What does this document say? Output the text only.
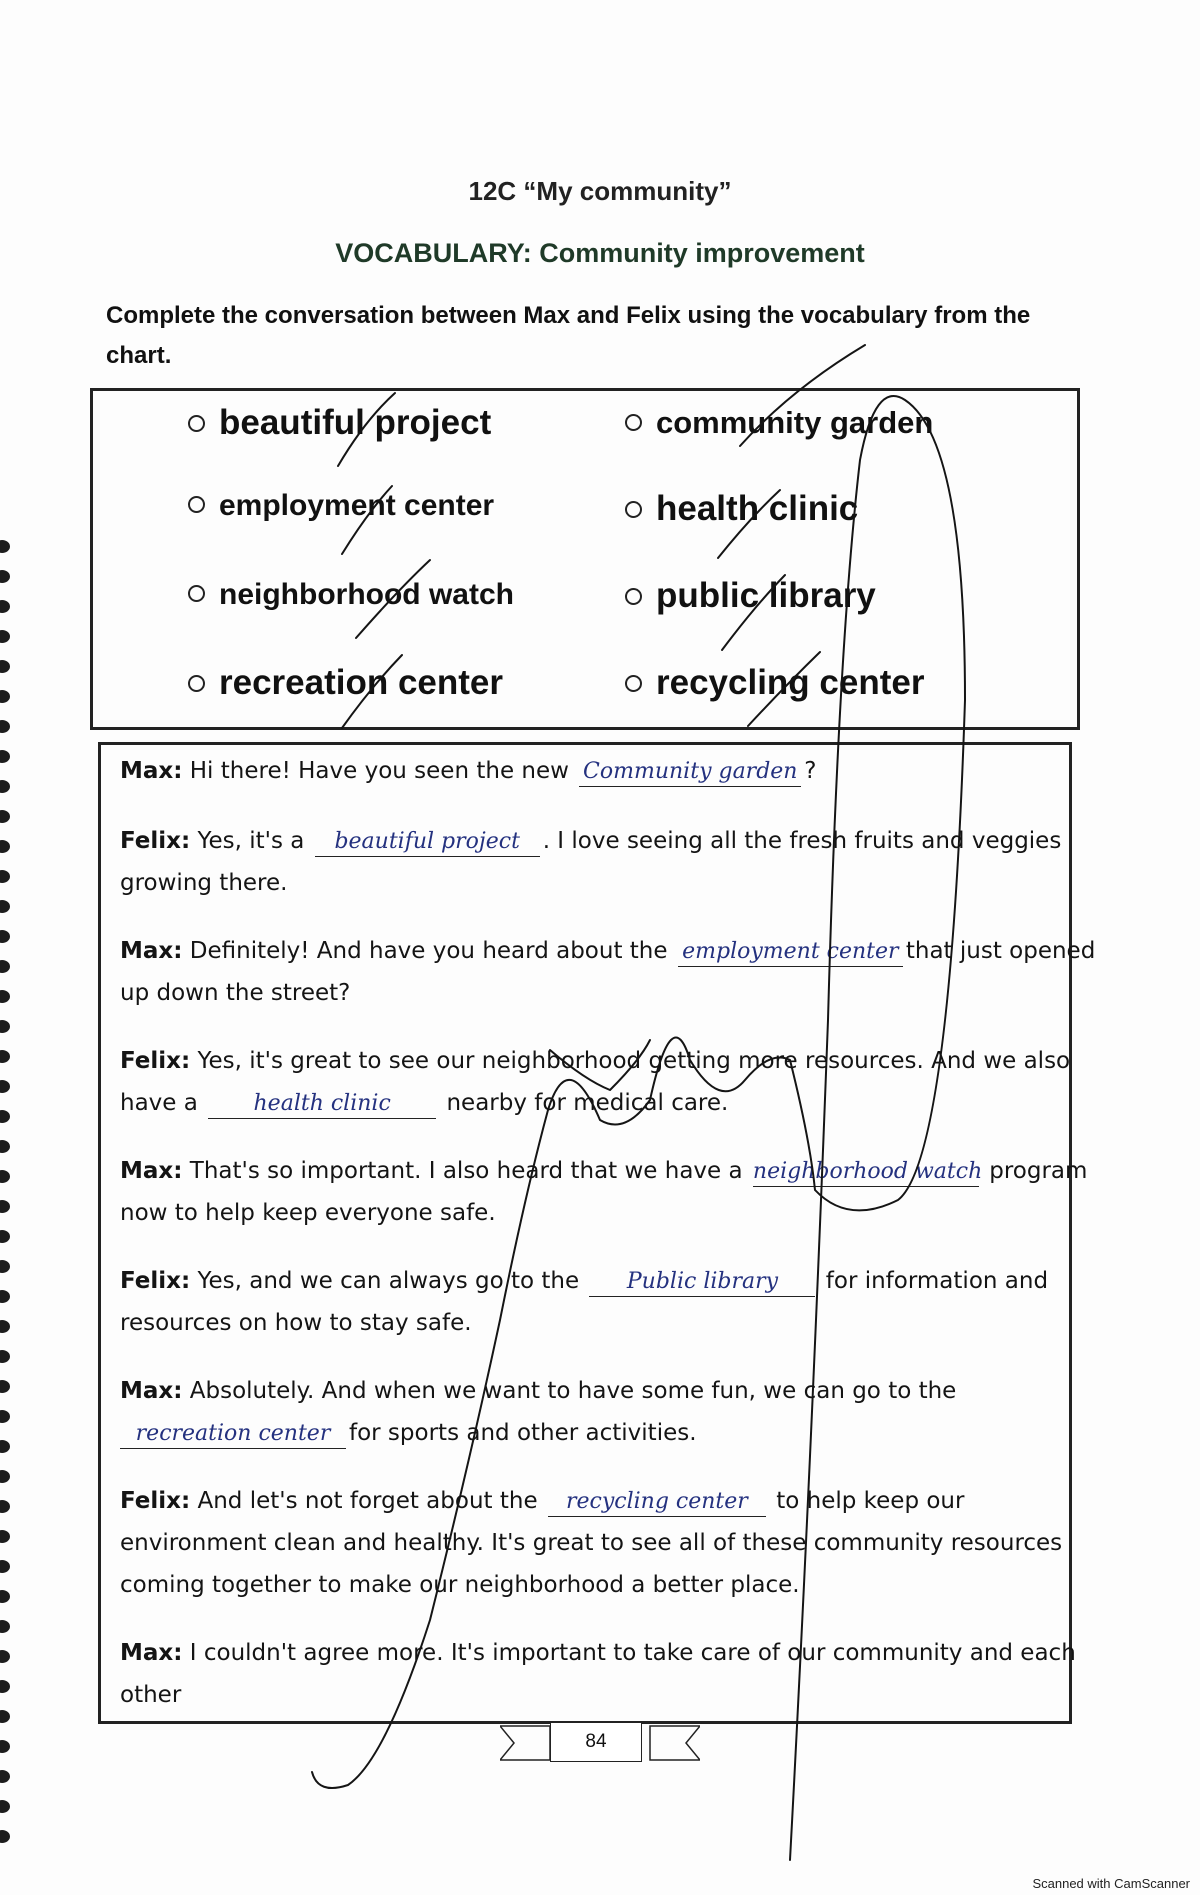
12C “My community”
VOCABULARY: Community improvement
Complete the conversation between Max and Felix using the vocabulary from the chart.
beautiful project	community garden
employment center	health clinic
neighborhood watch	public library
recreation center	recycling center
Max: Hi there! Have you seen the new Community garden ?
Felix: Yes, it's a beautiful project . I love seeing all the fresh fruits and veggies
growing there.
Max: Definitely! And have you heard about the employment center that just opened
up down the street?
Felix: Yes, it's great to see our neighborhood getting more resources. And we also
have a	health clinic nearby for medical care.
Max: That's so important. I also heard that we have a neighborhood watch program
now to help keep everyone safe.
Felix: Yes, and we can always go to the Public library for information and
resources on how to stay safe.
Max: Absolutely. And when we want to have some fun, we can go to the
recreation center for sports and other activities.
Felix: And let's not forget about the recycling center to help keep our
environment clean and healthy. It's great to see all of these community resources
coming together to make our neighborhood a better place.
Max: I couldn't agree more. It's important to take care of our community and each
other
84
Scanned with CamScanner
